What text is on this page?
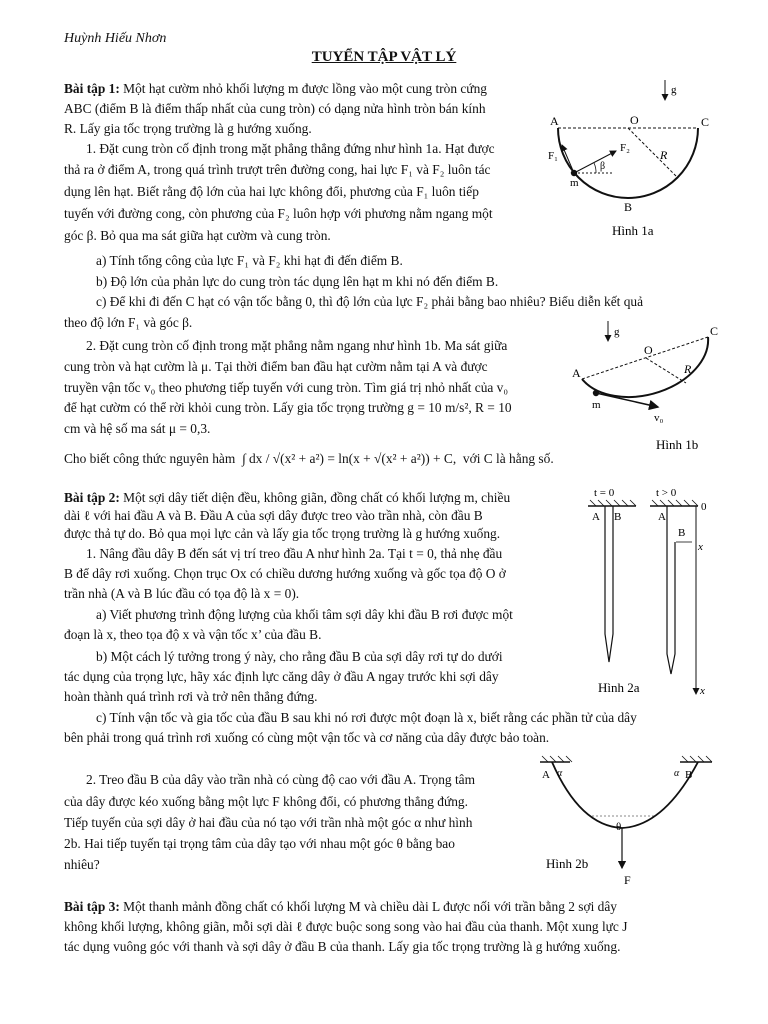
Huỳnh Hiếu Nhơn
TUYỂN TẬP VẬT LÝ
Bài tập 1: Một hạt cườm nhỏ khối lượng m được lồng vào một cung tròn cứng
ABC (điểm B là điểm thấp nhất của cung tròn) có dạng nửa hình tròn bán kính
R. Lấy gia tốc trọng trường là g hướng xuống.
1. Đặt cung tròn cố định trong mặt phẳng thẳng đứng như hình 1a. Hạt được
thả ra ở điểm A, trong quá trình trượt trên đường cong, hai lực F₁ và F₂ luôn tác
dụng lên hạt. Biết rằng độ lớn của hai lực không đổi, phương của F₁ luôn tiếp
tuyến với đường cong, còn phương của F₂ luôn hợp với phương nằm ngang một
góc β. Bỏ qua ma sát giữa hạt cườm và cung tròn.
a) Tính tổng công của lực F₁ và F₂ khi hạt đi đến điểm B.
b) Độ lớn của phản lực do cung tròn tác dụng lên hạt m khi nó đến điểm B.
c) Để khi đi đến C hạt có vận tốc bằng 0, thì độ lớn của lực F₂ phải bằng bao nhiêu? Biểu diễn kết quả
theo độ lớn F₁ và góc β.
2. Đặt cung tròn cố định trong mặt phẳng nằm ngang như hình 1b. Ma sát giữa
cung tròn và hạt cườm là μ. Tại thời điểm ban đầu hạt cườm nằm tại A và được
truyền vận tốc v₀ theo phương tiếp tuyến với cung tròn. Tìm giá trị nhỏ nhất của v₀
để hạt cườm có thể rời khỏi cung tròn. Lấy gia tốc trọng trường g = 10 m/s², R = 10
cm và hệ số ma sát μ = 0,3.
Cho biết công thức nguyên hàm ∫ dx / √(x² + a²) = ln(x + √(x² + a²)) + C, với C là hằng số.
Bài tập 2: Một sợi dây tiết diện đều, không giãn, đồng chất có khối lượng m, chiều
dài ℓ với hai đầu A và B. Đầu A của sợi dây được treo vào trần nhà, còn đầu B
được thả tự do. Bỏ qua mọi lực cản và lấy gia tốc trọng trường là g hướng xuống.
1. Nâng đầu dây B đến sát vị trí treo đầu A như hình 2a. Tại t = 0, thả nhẹ đầu
B để dây rơi xuống. Chọn trục Ox có chiều dương hướng xuống và gốc tọa độ O ở
trần nhà (A và B lúc đầu có tọa độ là x = 0).
a) Viết phương trình động lượng của khối tâm sợi dây khi đầu B rơi được một
đoạn là x, theo tọa độ x và vận tốc x’ của đầu B.
b) Một cách lý tưởng trong ý này, cho rằng đầu B của sợi dây rơi tự do dưới
tác dụng của trọng lực, hãy xác định lực căng dây ở đầu A ngay trước khi sợi dây
hoàn thành quá trình rơi và trở nên thẳng đứng.
c) Tính vận tốc và gia tốc của đầu B sau khi nó rơi được một đoạn là x, biết rằng các phần tử của dây
bên phải trong quá trình rơi xuống có cùng một vận tốc và cơ năng của dây được bảo toàn.
2. Treo đầu B của dây vào trần nhà có cùng độ cao với đầu A. Trọng tâm
của dây được kéo xuống bằng một lực F không đổi, có phương thẳng đứng.
Tiếp tuyến của sợi dây ở hai đầu của nó tạo với trần nhà một góc α như hình
2b. Hai tiếp tuyến tại trọng tâm của dây tạo với nhau một góc θ bằng bao
nhiêu?
Bài tập 3: Một thanh mảnh đồng chất có khối lượng M và chiều dài L được nối với trần bằng 2 sợi dây
không khối lượng, không giãn, mỗi sợi dài ℓ được buộc song song vào hai đầu của thanh. Một xung lực J
tác dụng vuông góc với thanh và sợi dây ở đầu B của thanh. Lấy gia tốc trọng trường là g hướng xuống.
g
A	O	C
B
m
F₁
F₂
β
R
Hình 1a
g
A
O
C
R
m
v₀
Hình 1b
t = 0	t > 0
A B	A
B
x
0
x
Hình 2a
A α	α B
θ
F
Hình 2b
